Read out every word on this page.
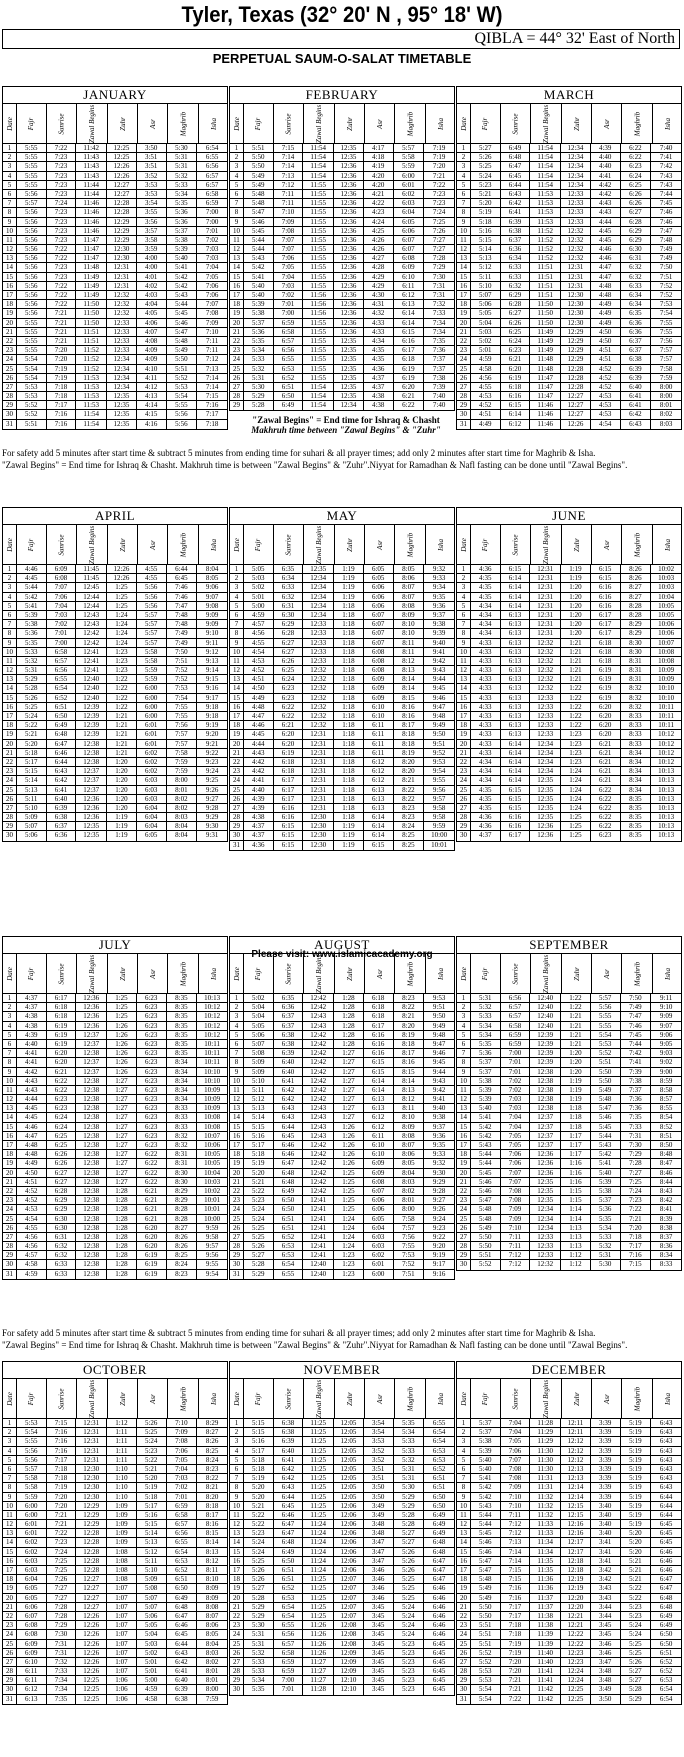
Tyler, Texas (32° 20' N , 95° 18' W)
QIBLA = 44° 32' East of North
PERPETUAL SAUM-O-SALAT TIMETABLE
JANUARY
Date Fajr	Sunrise	Zawal Begins	Zuhr	Asr	Maghrib	Isha
1	5:55	7:22	11:42	12:25	3:50	5:30	6:54
2	5:55	7:23	11:43	12:25	3:51	5:31	6:55
3	5:55	7:23	11:43	12:26	3:51	5:31	6:56
4	5:55	7:23	11:43	12:26	3:52	5:32	6:57
5	5:55	7:23	11:44	12:27	3:53	5:33	6:57
6	5:56	7:23	11:44	12:27	3:53	5:34	6:58
7	5:57	7:24	11:46	12:28	3:54	5:35	6:59
8	5:56	7:23	11:46	12:28	3:55	5:36	7:00
9	5:56	7:23	11:46	12:29	3:56	5:36	7:00
10	5:56	7:23	11:46	12:29	3:57	5:37	7:01
11	5:56	7:23	11:47	12:29	3:58	5:38	7:02
12	5:56	7:22	11:47	12:30	3:59	5:39	7:03
13	5:56	7:22	11:47	12:30	4:00	5:40	7:03
14	5:56	7:23	11:48	12:31	4:00	5:41	7:04
15	5:56	7:23	11:49	12:31	4:01	5:42	7:05
16	5:56	7:22	11:49	12:31	4:02	5:42	7:06
17	5:56	7:22	11:49	12:32	4:03	5:43	7:06
18	5:56	7:22	11:50	12:32	4:04	5:44	7:07
19	5:56	7:21	11:50	12:32	4:05	5:45	7:08
20	5:55	7:21	11:50	12:33	4:06	5:46	7:09
21	5:55	7:21	11:51	12:33	4:07	5:47	7:10
22	5:55	7:21	11:51	12:33	4:08	5:48	7:11
23	5:55	7:20	11:52	12:33	4:09	5:49	7:11
24	5:54	7:20	11:52	12:34	4:09	5:50	7:12
25	5:54	7:19	11:52	12:34	4:10	5:51	7:13
26	5:54	7:19	11:53	12:34	4:11	5:52	7:14
27	5:53	7:18	11:53	12:34	4:12	5:53	7:14
28	5:53	7:18	11:53	12:35	4:13	5:54	7:15
29	5:52	7:17	11:53	12:35	4:14	5:55	7:16
30	5:52	7:16	11:54	12:35	4:15	5:56	7:17
31	5:51	7:16	11:54	12:35	4:16	5:56	7:18
FEBRUARY
Date Fajr	Sunrise	Zawal Begins	Zuhr	Asr	Maghrib	Isha
1	5:51	7:15	11:54	12:35	4:17	5:57	7:19
2	5:50	7:14	11:54	12:35	4:18	5:58	7:19
3	5:50	7:14	11:54	12:36	4:19	5:59	7:20
4	5:49	7:13	11:54	12:36	4:20	6:00	7:21
5	5:49	7:12	11:55	12:36	4:20	6:01	7:22
6	5:48	7:11	11:55	12:36	4:21	6:02	7:23
7	5:48	7:11	11:55	12:36	4:22	6:03	7:23
8	5:47	7:10	11:55	12:36	4:23	6:04	7:24
9	5:46	7:09	11:55	12:36	4:24	6:05	7:25
10	5:45	7:08	11:55	12:36	4:25	6:06	7:26
11	5:44	7:07	11:55	12:36	4:26	6:07	7:27
12	5:44	7:07	11:55	12:36	4:26	6:07	7:27
13	5:43	7:06	11:55	12:36	4:27	6:08	7:28
14	5:42	7:05	11:55	12:36	4:28	6:09	7:29
15	5:41	7:04	11:55	12:36	4:29	6:10	7:30
16	5:40	7:03	11:55	12:36	4:29	6:11	7:31
17	5:40	7:02	11:56	12:36	4:30	6:12	7:31
18	5:39	7:01	11:56	12:36	4:31	6:13	7:32
19	5:38	7:00	11:56	12:36	4:32	6:14	7:33
20	5:37	6:59	11:55	12:36	4:33	6:14	7:34
21	5:36	6:58	11:55	12:36	4:33	6:15	7:34
22	5:35	6:57	11:55	12:35	4:34	6:16	7:35
23	5:34	6:56	11:55	12:35	4:35	6:17	7:36
24	5:33	6:55	11:55	12:35	4:35	6:18	7:37
25	5:32	6:53	11:55	12:35	4:36	6:19	7:37
26	5:31	6:52	11:55	12:35	4:37	6:19	7:38
27	5:30	6:51	11:54	12:35	4:37	6:20	7:39
28	5:29	6:50	11:54	12:35	4:38	6:21	7:40
29	5:28	6:49	11:54	12:34	4:38	6:22	7:40
MARCH
Date Fajr	Sunrise	Zawal Begins	Zuhr	Asr	Maghrib	Isha
1	5:27	6:49	11:54	12:34	4:39	6:22	7:40
2	5:26	6:48	11:54	12:34	4:40	6:22	7:41
3	5:25	6:47	11:54	12:34	4:40	6:23	7:42
4	5:24	6:45	11:54	12:34	4:41	6:24	7:43
5	5:23	6:44	11:54	12:34	4:42	6:25	7:43
6	5:21	6:43	11:53	12:33	4:42	6:26	7:44
7	5:20	6:42	11:53	12:33	4:43	6:26	7:45
8	5:19	6:41	11:53	12:33	4:43	6:27	7:46
9	5:18	6:39	11:53	12:33	4:44	6:28	7:46
10	5:16	6:38	11:52	12:32	4:45	6:29	7:47
11	5:15	6:37	11:52	12:32	4:45	6:29	7:48
12	5:14	6:36	11:52	12:32	4:46	6:30	7:49
13	5:13	6:34	11:52	12:32	4:46	6:31	7:49
14	5:12	6:33	11:51	12:31	4:47	6:32	7:50
15	5:11	6:33	11:51	12:31	4:47	6:32	7:51
16	5:10	6:32	11:51	12:31	4:48	6:33	7:52
17	5:07	6:29	11:51	12:30	4:48	6:34	7:52
18	5:06	6:28	11:50	12:30	4:49	6:34	7:53
19	5:05	6:27	11:50	12:30	4:49	6:35	7:54
20	5:04	6:26	11:50	12:30	4:49	6:36	7:55
21	5:03	6:25	11:49	12:29	4:50	6:36	7:55
22	5:02	6:24	11:49	12:29	4:50	6:37	7:56
23	5:01	6:23	11:49	12:29	4:51	6:37	7:57
24	4:59	6:21	11:48	12:29	4:51	6:38	7:57
25	4:58	6:20	11:48	12:28	4:52	6:39	7:58
26	4:56	6:19	11:47	12:28	4:52	6:39	7:59
27	4:55	6:18	11:47	12:28	4:52	6:40	8:00
28	4:53	6:16	11:47	12:27	4:53	6:41	8:00
29	4:52	6:15	11:46	12:27	4:53	6:41	8:01
30	4:51	6:14	11:46	12:27	4:53	6:42	8:02
31	4:49	6:12	11:46	12:26	4:54	6:43	8:03
APRIL
Date Fajr	Sunrise	Zawal Begins	Zuhr	Asr	Maghrib	Isha
1	4:46	6:09	11:45	12:26	4:55	6:44	8:04
2	4:45	6:08	11:45	12:26	4:55	6:45	8:05
3	5:44	7:07	12:45	1:25	5:56	7:46	9:06
4	5:42	7:06	12:44	1:25	5:56	7:46	9:07
5	5:41	7:04	12:44	1:25	5:56	7:47	9:08
6	5:39	7:03	12:43	1:24	5:57	7:48	9:09
7	5:38	7:02	12:43	1:24	5:57	7:48	9:09
8	5:36	7:01	12:42	1:24	5:57	7:49	9:10
9	5:35	7:00	12:42	1:24	5:57	7:49	9:11
10	5:33	6:58	12:41	1:23	5:58	7:50	9:12
11	5:32	6:57	12:41	1:23	5:58	7:51	9:13
12	5:31	6:56	12:41	1:23	5:59	7:52	9:14
13	5:29	6:55	12:40	1:22	5:59	7:52	9:15
14	5:28	6:54	12:40	1:22	6:00	7:53	9:16
15	5:26	6:52	12:40	1:22	6:00	7:54	9:17
16	5:25	6:51	12:39	1:22	6:00	7:55	9:18
17	5:24	6:50	12:39	1:21	6:00	7:55	9:18
18	5:22	6:49	12:39	1:21	6:01	7:56	9:19
19	5:21	6:48	12:39	1:21	6:01	7:57	9:20
20	5:20	6:47	12:38	1:21	6:01	7:57	9:21
21	5:18	6:46	12:38	1:21	6:02	7:58	9:22
22	5:17	6:44	12:38	1:20	6:02	7:59	9:23
23	5:15	6:43	12:37	1:20	6:02	7:59	9:24
24	5:14	6:42	12:37	1:20	6:03	8:00	9:25
25	5:13	6:41	12:37	1:20	6:03	8:01	9:26
26	5:11	6:40	12:36	1:20	6:03	8:02	9:27
27	5:10	6:39	12:36	1:20	6:04	8:02	9:28
28	5:09	6:38	12:36	1:19	6:04	8:03	9:29
29	5:07	6:37	12:35	1:19	6:04	8:04	9:30
30	5:06	6:36	12:35	1:19	6:05	8:04	9:31
MAY
Date Fajr	Sunrise	Zawal Begins	Zuhr	Asr	Maghrib	Isha
1	5:05	6:35	12:35	1:19	6:05	8:05	9:32
2	5:03	6:34	12:34	1:19	6:05	8:06	9:33
3	5:02	6:33	12:34	1:19	6:06	8:07	9:34
4	5:01	6:32	12:34	1:19	6:06	8:07	9:35
5	5:00	6:31	12:34	1:18	6:06	8:08	9:36
6	4:59	6:30	12:34	1:18	6:07	8:09	9:37
7	4:57	6:29	12:33	1:18	6:07	8:10	9:38
8	4:56	6:28	12:33	1:18	6:07	8:10	9:39
9	4:55	6:27	12:33	1:18	6:07	8:11	9:40
10	4:54	6:27	12:33	1:18	6:08	8:11	9:41
11	4:53	6:26	12:33	1:18	6:08	8:12	9:42
12	4:52	6:25	12:32	1:18	6:08	8:13	9:43
13	4:51	6:24	12:32	1:18	6:09	8:14	9:44
14	4:50	6:23	12:32	1:18	6:09	8:14	9:45
15	4:49	6:23	12:32	1:18	6:09	8:15	9:46
16	4:48	6:22	12:32	1:18	6:10	8:16	9:47
17	4:47	6:22	12:32	1:18	6:10	8:16	9:48
18	4:46	6:21	12:32	1:18	6:11	8:17	9:49
19	4:45	6:20	12:31	1:18	6:11	8:18	9:50
20	4:44	6:20	12:31	1:18	6:11	8:18	9:51
21	4:43	6:19	12:31	1:18	6:11	8:19	9:52
22	4:42	6:18	12:31	1:18	6:12	8:20	9:53
23	4:42	6:18	12:31	1:18	6:12	8:20	9:54
24	4:41	6:17	12:31	1:18	6:12	8:21	9:55
25	4:40	6:17	12:31	1:18	6:13	8:22	9:56
26	4:39	6:17	12:31	1:18	6:13	8:22	9:57
27	4:39	6:16	12:31	1:18	6:13	8:23	9:58
28	4:38	6:16	12:30	1:18	6:14	8:23	9:58
29	4:37	6:15	12:30	1:19	6:14	8:24	9:59
30	4:37	6:15	12:30	1:19	6:14	8:25	10:00
31	4:36	6:15	12:30	1:19	6:15	8:25	10:01
JUNE
Date Fajr	Sunrise	Zawal Begins	Zuhr	Asr	Maghrib	Isha
1	4:36	6:15	12:31	1:19	6:15	8:26	10:02
2	4:35	6:14	12:31	1:19	6:15	8:26	10:03
3	4:35	6:14	12:31	1:20	6:16	8:27	10:03
4	4:35	6:14	12:31	1:20	6:16	8:27	10:04
5	4:34	6:14	12:31	1:20	6:16	8:28	10:05
6	4:34	6:13	12:31	1:20	6:17	8:28	10:05
7	4:34	6:13	12:31	1:20	6:17	8:29	10:06
8	4:34	6:13	12:31	1:20	6:17	8:29	10:06
9	4:33	6:13	12:32	1:21	6:18	8:30	10:07
10	4:33	6:13	12:32	1:21	6:18	8:30	10:08
11	4:33	6:13	12:32	1:21	6:18	8:31	10:08
12	4:33	6:13	12:32	1:21	6:19	8:31	10:09
13	4:33	6:13	12:32	1:21	6:19	8:31	10:09
14	4:33	6:13	12:32	1:22	6:19	8:32	10:10
15	4:33	6:13	12:33	1:22	6:19	8:32	10:10
16	4:33	6:13	12:33	1:22	6:20	8:32	10:11
17	4:33	6:13	12:33	1:22	6:20	8:33	10:11
18	4:33	6:13	12:33	1:22	6:20	8:33	10:11
19	4:33	6:13	12:33	1:23	6:20	8:33	10:12
20	4:33	6:14	12:34	1:23	6:21	8:33	10:12
21	4:33	6:14	12:34	1:23	6:21	8:34	10:12
22	4:34	6:14	12:34	1:23	6:21	8:34	10:12
23	4:34	6:14	12:34	1:24	6:21	8:34	10:13
24	4:34	6:14	12:35	1:24	6:21	8:34	10:13
25	4:35	6:15	12:35	1:24	6:22	8:34	10:13
26	4:35	6:15	12:35	1:24	6:22	8:35	10:13
27	4:35	6:15	12:35	1:24	6:22	8:35	10:13
28	4:36	6:16	12:35	1:25	6:22	8:35	10:13
29	4:36	6:16	12:36	1:25	6:22	8:35	10:13
30	4:37	6:17	12:36	1:25	6:23	8:35	10:13
JULY
Date Fajr	Sunrise	Zawal Begins	Zuhr	Asr	Maghrib	Isha
1	4:37	6:17	12:36	1:25	6:23	8:35	10:13
2	4:37	6:18	12:36	1:25	6:23	8:35	10:12
3	4:38	6:18	12:36	1:25	6:23	8:35	10:12
4	4:38	6:19	12:36	1:26	6:23	8:35	10:12
5	4:39	6:19	12:37	1:26	6:23	8:35	10:12
6	4:40	6:19	12:37	1:26	6:23	8:35	10:11
7	4:41	6:20	12:38	1:26	6:23	8:35	10:11
8	4:41	6:20	12:37	1:26	6:23	8:34	10:11
9	4:42	6:21	12:37	1:26	6:23	8:34	10:10
10	4:43	6:22	12:38	1:27	6:23	8:34	10:10
11	4:43	6:22	12:38	1:27	6:23	8:34	10:09
12	4:44	6:23	12:38	1:27	6:23	8:34	10:09
13	4:45	6:23	12:38	1:27	6:23	8:33	10:09
14	4:45	6:24	12:38	1:27	6:23	8:33	10:08
15	4:46	6:24	12:38	1:27	6:23	8:33	10:08
16	4:47	6:25	12:38	1:27	6:23	8:32	10:07
17	4:48	6:25	12:38	1:27	6:23	8:32	10:06
18	4:48	6:26	12:38	1:27	6:22	8:31	10:05
19	4:49	6:26	12:38	1:27	6:22	8:31	10:05
20	4:50	6:27	12:38	1:27	6:22	8:30	10:04
21	4:51	6:27	12:38	1:27	6:22	8:30	10:03
22	4:52	6:28	12:38	1:28	6:21	8:29	10:02
23	4:52	6:29	12:38	1:28	6:21	8:29	10:01
24	4:53	6:29	12:38	1:28	6:21	8:28	10:01
25	4:54	6:30	12:38	1:28	6:21	8:28	10:00
26	4:55	6:30	12:38	1:28	6:20	8:27	9:59
27	4:56	6:31	12:38	1:28	6:20	8:26	9:58
28	4:56	6:32	12:38	1:28	6:20	8:26	9:57
29	4:57	6:32	12:38	1:28	6:19	8:25	9:56
30	4:58	6:33	12:38	1:28	6:19	8:24	9:55
31	4:59	6:33	12:38	1:28	6:19	8:23	9:54
AUGUST
Date Fajr	Sunrise	Zawal Begins	Zuhr	Asr	Maghrib	Isha
1	5:02	6:35	12:42	1:28	6:18	8:23	9:53
2	5:04	6:36	12:42	1:28	6:18	8:22	9:51
3	5:04	6:37	12:43	1:28	6:18	8:21	9:50
4	5:05	6:37	12:43	1:28	6:17	8:20	9:49
5	5:06	6:38	12:42	1:28	6:16	8:19	9:48
6	5:07	6:38	12:42	1:28	6:16	8:18	9:47
7	5:08	6:39	12:42	1:27	6:16	8:17	9:46
8	5:09	6:40	12:42	1:27	6:15	8:16	9:45
9	5:09	6:40	12:42	1:27	6:15	8:15	9:44
10	5:10	6:41	12:42	1:27	6:14	8:14	9:43
11	5:11	6:42	12:42	1:27	6:14	8:13	9:42
12	5:12	6:42	12:42	1:27	6:13	8:12	9:41
13	5:13	6:43	12:43	1:27	6:13	8:11	9:40
14	5:14	6:43	12:43	1:27	6:12	8:10	9:38
15	5:15	6:44	12:43	1:26	6:12	8:09	9:37
16	5:16	6:45	12:43	1:26	6:11	8:08	9:36
17	5:17	6:46	12:42	1:26	6:10	8:07	9:35
18	5:18	6:46	12:42	1:26	6:10	8:06	9:33
19	5:19	6:47	12:42	1:26	6:09	8:05	9:32
20	5:20	6:48	12:42	1:25	6:09	8:04	9:30
21	5:21	6:48	12:42	1:25	6:08	8:03	9:29
22	5:22	6:49	12:42	1:25	6:07	8:02	9:28
23	5:23	6:50	12:41	1:25	6:06	8:01	9:27
24	5:24	6:50	12:41	1:25	6:06	8:00	9:26
25	5:24	6:51	12:41	1:24	6:05	7:58	9:24
26	5:25	6:51	12:41	1:24	6:04	7:57	9:23
27	5:25	6:52	12:41	1:24	6:03	7:56	9:22
28	5:26	6:53	12:41	1:24	6:03	7:55	9:20
29	5:27	6:53	12:41	1:23	6:02	7:53	9:19
30	5:28	6:54	12:40	1:23	6:01	7:52	9:17
31	5:29	6:55	12:40	1:23	6:00	7:51	9:16
SEPTEMBER
Date Fajr	Sunrise	Zawal Begins	Zuhr	Asr	Maghrib	Isha
1	5:31	6:56	12:40	1:22	5:57	7:50	9:11
2	5:32	6:57	12:40	1:22	5:56	7:49	9:10
3	5:33	6:57	12:40	1:21	5:55	7:47	9:09
4	5:34	6:58	12:40	1:21	5:55	7:46	9:07
5	5:34	6:59	12:39	1:21	5:54	7:45	9:06
6	5:35	6:59	12:39	1:21	5:53	7:44	9:05
7	5:36	7:00	12:39	1:20	5:52	7:42	9:03
8	5:37	7:01	12:39	1:20	5:51	7:41	9:02
9	5:37	7:01	12:38	1:20	5:50	7:39	9:00
10	5:38	7:02	12:38	1:19	5:50	7:38	8:59
11	5:39	7:02	12:38	1:19	5:49	7:37	8:58
12	5:39	7:03	12:38	1:19	5:48	7:36	8:57
13	5:40	7:03	12:38	1:18	5:47	7:36	8:55
14	5:41	7:04	12:37	1:18	5:46	7:35	8:54
15	5:42	7:04	12:37	1:18	5:45	7:33	8:52
16	5:42	7:05	12:37	1:17	5:44	7:31	8:51
17	5:43	7:05	12:37	1:17	5:43	7:30	8:50
18	5:44	7:06	12:36	1:17	5:42	7:29	8:48
19	5:44	7:06	12:36	1:16	5:41	7:28	8:47
20	5:45	7:07	12:36	1:16	5:40	7:27	8:46
21	5:46	7:07	12:35	1:16	5:39	7:25	8:44
22	5:46	7:08	12:35	1:15	5:38	7:24	8:43
23	5:47	7:08	12:35	1:15	5:37	7:23	8:42
24	5:48	7:09	12:34	1:14	5:36	7:22	8:41
25	5:48	7:09	12:34	1:14	5:35	7:21	8:39
26	5:49	7:10	12:34	1:13	5:34	7:20	8:38
27	5:50	7:11	12:33	1:13	5:33	7:18	8:37
28	5:50	7:11	12:33	1:13	5:32	7:17	8:36
29	5:51	7:12	12:33	1:12	5:31	7:16	8:34
30	5:52	7:12	12:32	1:12	5:30	7:15	8:33
OCTOBER
Date Fajr	Sunrise	Zawal Begins	Zuhr	Asr	Maghrib	Isha
1	5:53	7:15	12:31	1:12	5:26	7:10	8:29
2	5:54	7:16	12:31	1:11	5:25	7:09	8:27
3	5:55	7:16	12:31	1:11	5:24	7:08	8:26
4	5:56	7:16	12:31	1:11	5:23	7:06	8:25
5	5:56	7:17	12:31	1:11	5:22	7:05	8:24
6	5:57	7:18	12:30	1:10	5:21	7:04	8:23
7	5:58	7:18	12:30	1:10	5:20	7:03	8:22
8	5:58	7:19	12:30	1:10	5:19	7:02	8:21
9	5:59	7:20	12:30	1:10	5:18	7:01	8:20
10	6:00	7:20	12:29	1:09	5:17	6:59	8:18
11	6:00	7:21	12:29	1:09	5:16	6:58	8:17
12	6:01	7:21	12:29	1:09	5:15	6:57	8:16
13	6:01	7:22	12:28	1:09	5:14	6:56	8:15
14	6:02	7:23	12:28	1:09	5:13	6:55	8:14
15	6:02	7:24	12:28	1:08	5:12	6:54	8:13
16	6:03	7:25	12:28	1:08	5:11	6:53	8:12
17	6:03	7:25	12:28	1:08	5:10	6:52	8:11
18	6:04	7:26	12:27	1:08	5:09	6:51	8:10
19	6:05	7:27	12:27	1:07	5:08	6:50	8:09
20	6:05	7:27	12:27	1:07	5:07	6:49	8:09
21	6:06	7:28	12:27	1:07	5:07	6:48	8:08
22	6:07	7:28	12:26	1:07	5:06	6:47	8:07
23	6:08	7:29	12:26	1:07	5:05	6:46	8:06
24	6:08	7:30	12:26	1:07	5:04	6:45	8:05
25	6:09	7:31	12:26	1:07	5:03	6:44	8:04
26	6:09	7:31	12:26	1:07	5:02	6:43	8:03
27	6:10	7:32	12:26	1:07	5:01	6:42	8:02
28	6:11	7:33	12:26	1:07	5:01	6:41	8:01
29	6:11	7:34	12:25	1:06	5:00	6:40	8:01
30	6:12	7:34	12:25	1:06	4:59	6:39	8:00
31	6:13	7:35	12:25	1:06	4:58	6:38	7:59
NOVEMBER
Date Fajr	Sunrise	Zawal Begins	Zuhr	Asr	Maghrib	Isha
1	5:15	6:38	11:25	12:05	3:54	5:35	6:55
2	5:15	6:38	11:25	12:05	3:54	5:34	6:54
3	5:16	6:39	11:25	12:05	3:53	5:33	6:54
4	5:17	6:40	11:25	12:05	3:52	5:33	6:53
5	5:18	6:41	11:25	12:05	3:52	5:32	6:53
6	5:18	6:42	11:25	12:05	3:51	5:31	6:52
7	5:19	6:42	11:25	12:05	3:51	5:31	6:51
8	5:20	6:43	11:25	12:05	3:50	5:30	6:51
9	5:20	6:44	11:25	12:05	3:50	5:29	6:50
10	5:21	6:45	11:25	12:06	3:49	5:29	6:50
11	5:22	6:46	11:25	12:06	3:49	5:28	6:49
12	5:22	6:47	11:24	12:06	3:48	5:28	6:49
13	5:23	6:47	11:24	12:06	3:48	5:27	6:49
14	5:24	6:48	11:24	12:06	3:47	5:27	6:48
15	5:24	6:49	11:24	12:06	3:47	5:26	6:48
16	5:25	6:50	11:24	12:06	3:47	5:26	6:47
17	5:26	6:51	11:24	12:06	3:46	5:26	6:47
18	5:26	6:51	11:25	12:07	3:46	5:25	6:47
19	5:27	6:52	11:25	12:07	3:46	5:25	6:46
20	5:28	6:53	11:25	12:07	3:46	5:25	6:46
21	5:29	6:54	11:25	12:07	3:45	5:24	6:46
22	5:29	6:54	11:25	12:07	3:45	5:24	6:46
23	5:30	6:55	11:26	12:08	3:45	5:24	6:46
24	5:31	6:56	11:26	12:08	3:45	5:24	6:46
25	5:31	6:57	11:26	12:08	3:45	5:23	6:45
26	5:32	6:58	11:26	12:09	3:45	5:23	6:45
27	5:33	6:59	11:27	12:09	3:45	5:23	6:45
28	5:33	6:59	11:27	12:09	3:45	5:23	6:45
29	5:34	7:00	11:27	12:10	3:45	5:23	6:45
30	5:35	7:01	11:28	12:10	3:45	5:23	6:45
DECEMBER
Date Fajr	Sunrise	Zawal Begins	Zuhr	Asr	Maghrib	Isha
1	5:37	7:04	11:28	12:11	3:39	5:19	6:43
2	5:37	7:04	11:29	12:11	3:39	5:19	6:43
3	5:38	7:05	11:29	12:12	3:39	5:19	6:43
4	5:39	7:06	11:30	12:12	3:39	5:19	6:43
5	5:40	7:07	11:30	12:12	3:39	5:19	6:43
6	5:40	7:08	11:30	12:13	3:39	5:19	6:43
7	5:41	7:08	11:31	12:13	3:39	5:19	6:43
8	5:42	7:09	11:31	12:14	3:39	5:19	6:43
9	5:42	7:10	11:32	12:14	3:39	5:19	6:44
10	5:43	7:10	11:32	12:15	3:40	5:19	6:44
11	5:44	7:11	11:32	12:15	3:40	5:19	6:44
12	5:44	7:12	11:33	12:16	3:40	5:19	6:45
13	5:45	7:12	11:33	12:16	3:40	5:20	6:45
14	5:46	7:13	11:34	12:17	3:41	5:20	6:45
15	5:46	7:14	11:34	12:17	3:41	5:20	6:46
16	5:47	7:14	11:35	12:18	3:41	5:21	6:46
17	5:47	7:15	11:35	12:18	3:42	5:21	6:46
18	5:48	7:15	11:36	12:19	3:42	5:21	6:47
19	5:49	7:16	11:36	12:19	3:43	5:22	6:47
20	5:49	7:16	11:37	12:20	3:43	5:22	6:48
21	5:50	7:17	11:37	12:20	3:44	5:23	6:48
22	5:50	7:17	11:38	12:21	3:44	5:23	6:49
23	5:51	7:18	11:38	12:21	3:45	5:24	6:49
24	5:51	7:18	11:39	12:22	3:45	5:24	6:50
25	5:51	7:19	11:39	12:22	3:46	5:25	6:50
26	5:52	7:19	11:40	12:23	3:46	5:25	6:51
27	5:52	7:20	11:40	12:23	3:47	5:26	6:52
28	5:53	7:20	11:41	12:24	3:48	5:27	6:52
29	5:53	7:21	11:41	12:24	3:48	5:27	6:53
30	5:54	7:21	11:42	12:25	3:49	5:28	6:54
31	5:54	7:22	11:42	12:25	3:50	5:29	6:54
For safety add 5 minutes after start time & subtract 5 minutes from ending time for suhari & all prayer times; add only 2 minutes after start time for Maghrib & Isha.
"Zawal Begins" = End time for Ishraq & Chasht. Makhruh time is between "Zawal Begins" & "Zuhr".Niyyat for Ramadhan & Nafl fasting can be done until "Zawal Begins".
"Zawal Begins" = End time for Ishraq & Chasht
Makhruh time between "Zawal Begins" & "Zuhr"
Please visit: www.islamicacademy.org
For safety add 5 minutes after start time & subtract 5 minutes from ending time for suhari & all prayer times; add only 2 minutes after start time for Maghrib & Isha.
"Zawal Begins" = End time for Ishraq & Chasht. Makhruh time is between "Zawal Begins" & "Zuhr".Niyyat for Ramadhan & Nafl fasting can be done until "Zawal Begins".
